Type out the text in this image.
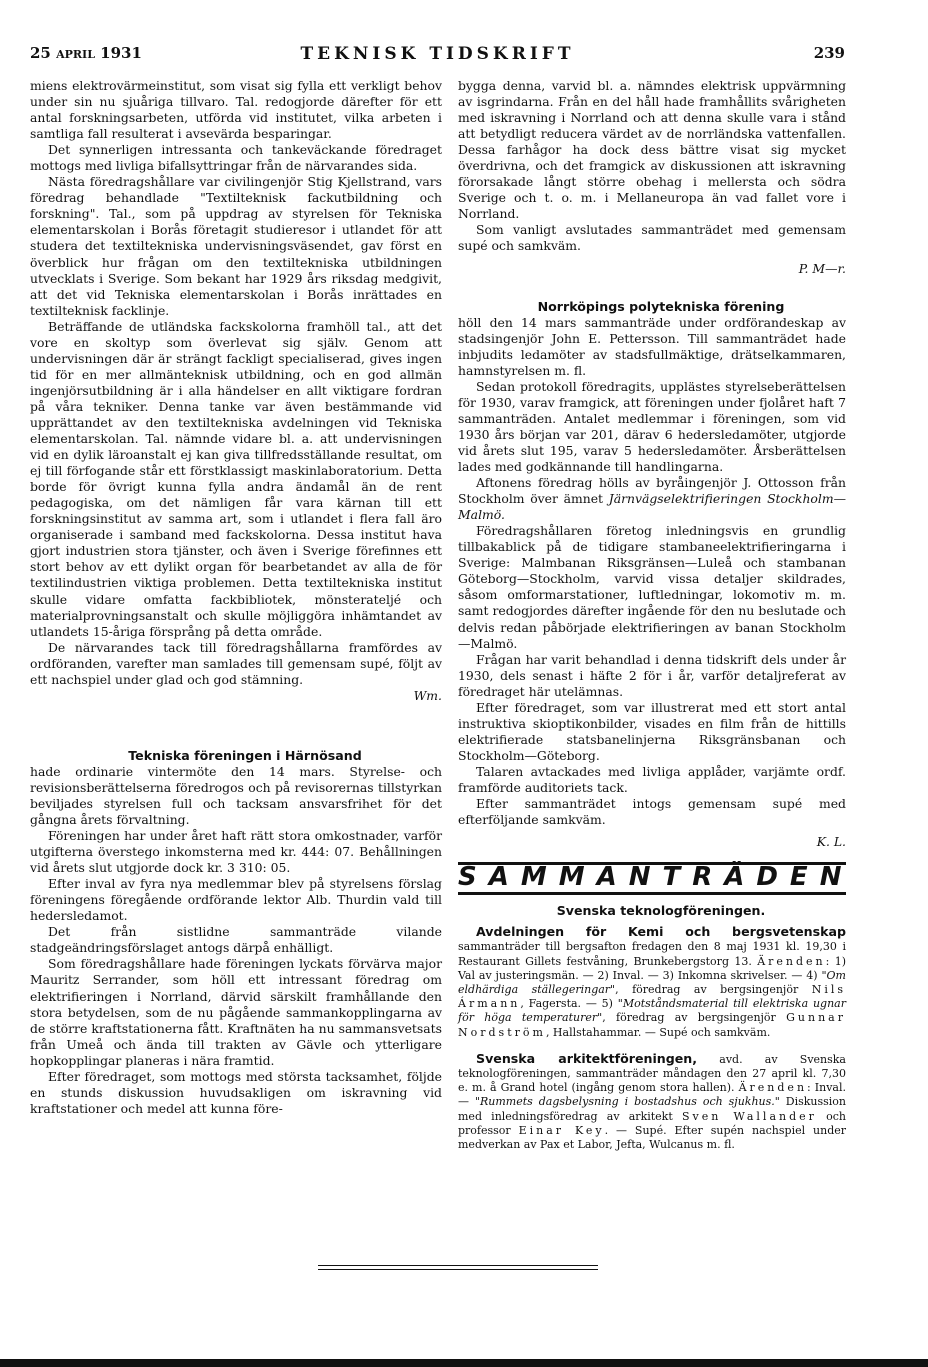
25 APRIL 1931	TEKNISK TIDSKRIFT	239

miens elektrovärmeinstitut, som visat sig fylla ett verkligt behov under sin nu sjuåriga tillvaro. Tal. redogjorde därefter för ett antal forskningsarbeten, utförda vid institutet, vilka arbeten i samtliga fall resulterat i avsevärda besparingar.

Det synnerligen intressanta och tankeväckande föredraget mottogs med livliga bifallsyttringar från de närvarandes sida.

Nästa föredragshållare var civilingenjör Stig Kjellstrand, vars föredrag behandlade "Textilteknisk fackutbildning och forskning". Tal., som på uppdrag av styrelsen för Tekniska elementarskolan i Borås företagit studieresor i utlandet för att studera det textiltekniska undervisningsväsendet, gav först en överblick hur frågan om den textiltekniska utbildningen utvecklats i Sverige. Som bekant har 1929 års riksdag medgivit, att det vid Tekniska elementarskolan i Borås inrättades en textilteknisk facklinje.

Beträffande de utländska fackskolorna framhöll tal., att det vore en skoltyp som överlevat sig själv. Genom att undervisningen där är strängt fackligt specialiserad, gives ingen tid för en mer allmänteknisk utbildning, och en god allmän ingenjörsutbildning är i alla händelser en allt viktigare fordran på våra tekniker. Denna tanke var även bestämmande vid upprättandet av den textiltekniska avdelningen vid Tekniska elementarskolan. Tal. nämnde vidare bl. a. att undervisningen vid en dylik läroanstalt ej kan giva tillfredsställande resultat, om ej till förfogande står ett förstklassigt maskinlaboratorium. Detta borde för övrigt kunna fylla andra ändamål än de rent pedagogiska, om det nämligen får vara kärnan till ett forskningsinstitut av samma art, som i utlandet i flera fall äro organiserade i samband med fackskolorna. Dessa institut hava gjort industrien stora tjänster, och även i Sverige förefinnes ett stort behov av ett dylikt organ för bearbetandet av alla de för textilindustrien viktiga problemen. Detta textiltekniska institut skulle vidare omfatta fackbibliotek, mönsterateljé och materialprovningsanstalt och skulle möjliggöra inhämtandet av utlandets 15-åriga försprång på detta område.

De närvarandes tack till föredragshållarna framfördes av ordföranden, varefter man samlades till gemensam supé, följt av ett nachspiel under glad och god stämning.

Wm.

Tekniska föreningen i Härnösand

hade ordinarie vintermöte den 14 mars. Styrelse- och revisionsberättelserna föredrogos och på revisorernas tillstyrkan beviljades styrelsen full och tacksam ansvarsfrihet för det gångna årets förvaltning.

Föreningen har under året haft rätt stora omkostnader, varför utgifterna överstego inkomsterna med kr. 444: 07. Behållningen vid årets slut utgjorde dock kr. 3 310: 05.

Efter inval av fyra nya medlemmar blev på styrelsens förslag föreningens föregående ordförande lektor Alb. Thurdin vald till hedersledamot.

Det från sistlidne sammanträde vilande stadgeändringsförslaget antogs därpå enhälligt.

Som föredragshållare hade föreningen lyckats förvärva major Mauritz Serrander, som höll ett intressant föredrag om elektrifieringen i Norrland, därvid särskilt framhållande den stora betydelsen, som de nu pågående sammankopplingarna av de större kraftstationerna fått. Kraftnäten ha nu sammansvetsats från Umeå och ända till trakten av Gävle och ytterligare hopkopplingar planeras i nära framtid.

Efter föredraget, som mottogs med största tacksamhet, följde en stunds diskussion huvudsakligen om iskravning vid kraftstationer och medel att kunna före-

bygga denna, varvid bl. a. nämndes elektrisk uppvärmning av isgrindarna. Från en del håll hade framhållits svårigheten med iskravning i Norrland och att denna skulle vara i stånd att betydligt reducera värdet av de norrländska vattenfallen. Dessa farhågor ha dock dess bättre visat sig mycket överdrivna, och det framgick av diskussionen att iskravning förorsakade långt större obehag i mellersta och södra Sverige och t. o. m. i Mellaneuropa än vad fallet vore i Norrland.

Som vanligt avslutades sammanträdet med gemensam supé och samkväm.

P. M—r.

Norrköpings polytekniska förening

höll den 14 mars sammanträde under ordförandeskap av stadsingenjör John E. Pettersson. Till sammanträdet hade inbjudits ledamöter av stadsfullmäktige, drätselkammaren, hamnstyrelsen m. fl.

Sedan protokoll föredragits, upplästes styrelseberättelsen för 1930, varav framgick, att föreningen under fjolåret haft 7 sammanträden. Antalet medlemmar i föreningen, som vid 1930 års början var 201, därav 6 hedersledamöter, utgjorde vid årets slut 195, varav 5 hedersledamöter. Årsberättelsen lades med godkännande till handlingarna.

Aftonens föredrag hölls av byråingenjör J. Ottosson från Stockholm över ämnet Järnvägselektrifieringen Stockholm—Malmö.

Föredragshållaren företog inledningsvis en grundlig tillbakablick på de tidigare stambaneelektrifieringarna i Sverige: Malmbanan Riksgränsen—Luleå och stambanan Göteborg—Stockholm, varvid vissa detaljer skildrades, såsom omformarstationer, luftledningar, lokomotiv m. m. samt redogjordes därefter ingående för den nu beslutade och delvis redan påbörjade elektrifieringen av banan Stockholm—Malmö.

Frågan har varit behandlad i denna tidskrift dels under år 1930, dels senast i häfte 2 för i år, varför detaljreferat av föredraget här utelämnas.

Efter föredraget, som var illustrerat med ett stort antal instruktiva skioptikonbilder, visades en film från de hittills elektrifierade statsbanelinjerna Riksgränsbanan och Stockholm—Göteborg.

Talaren avtackades med livliga applåder, varjämte ordf. framförde auditoriets tack.

Efter sammanträdet intogs gemensam supé med efterföljande samkväm.

K. L.

SAMMANTRÄDEN

Svenska teknologföreningen.

Avdelningen för Kemi och bergsvetenskap sammanträder till bergsafton fredagen den 8 maj 1931 kl. 19,30 i Restaurant Gillets festvåning, Brunkebergstorg 13. Ärenden: 1) Val av justeringsmän. — 2) Inval. — 3) Inkomna skrivelser. — 4) "Om eldhärdiga ställegeringar", föredrag av bergsingenjör Nils Ármann, Fagersta. — 5) "Motståndsmaterial till elektriska ugnar för höga temperaturer", föredrag av bergsingenjör Gunnar Nordström, Hallstahammar. — Supé och samkväm.

Svenska arkitektföreningen, avd. av Svenska teknologföreningen, sammanträder måndagen den 27 april kl. 7,30 e. m. å Grand hotel (ingång genom stora hallen). Ärenden: Inval. — "Rummets dagsbelysning i bostadshus och sjukhus." Diskussion med inledningsföredrag av arkitekt Sven Wallander och professor Einar Key. — Supé. Efter supén nachspiel under medverkan av Pax et Labor, Jefta, Wulcanus m. fl.
